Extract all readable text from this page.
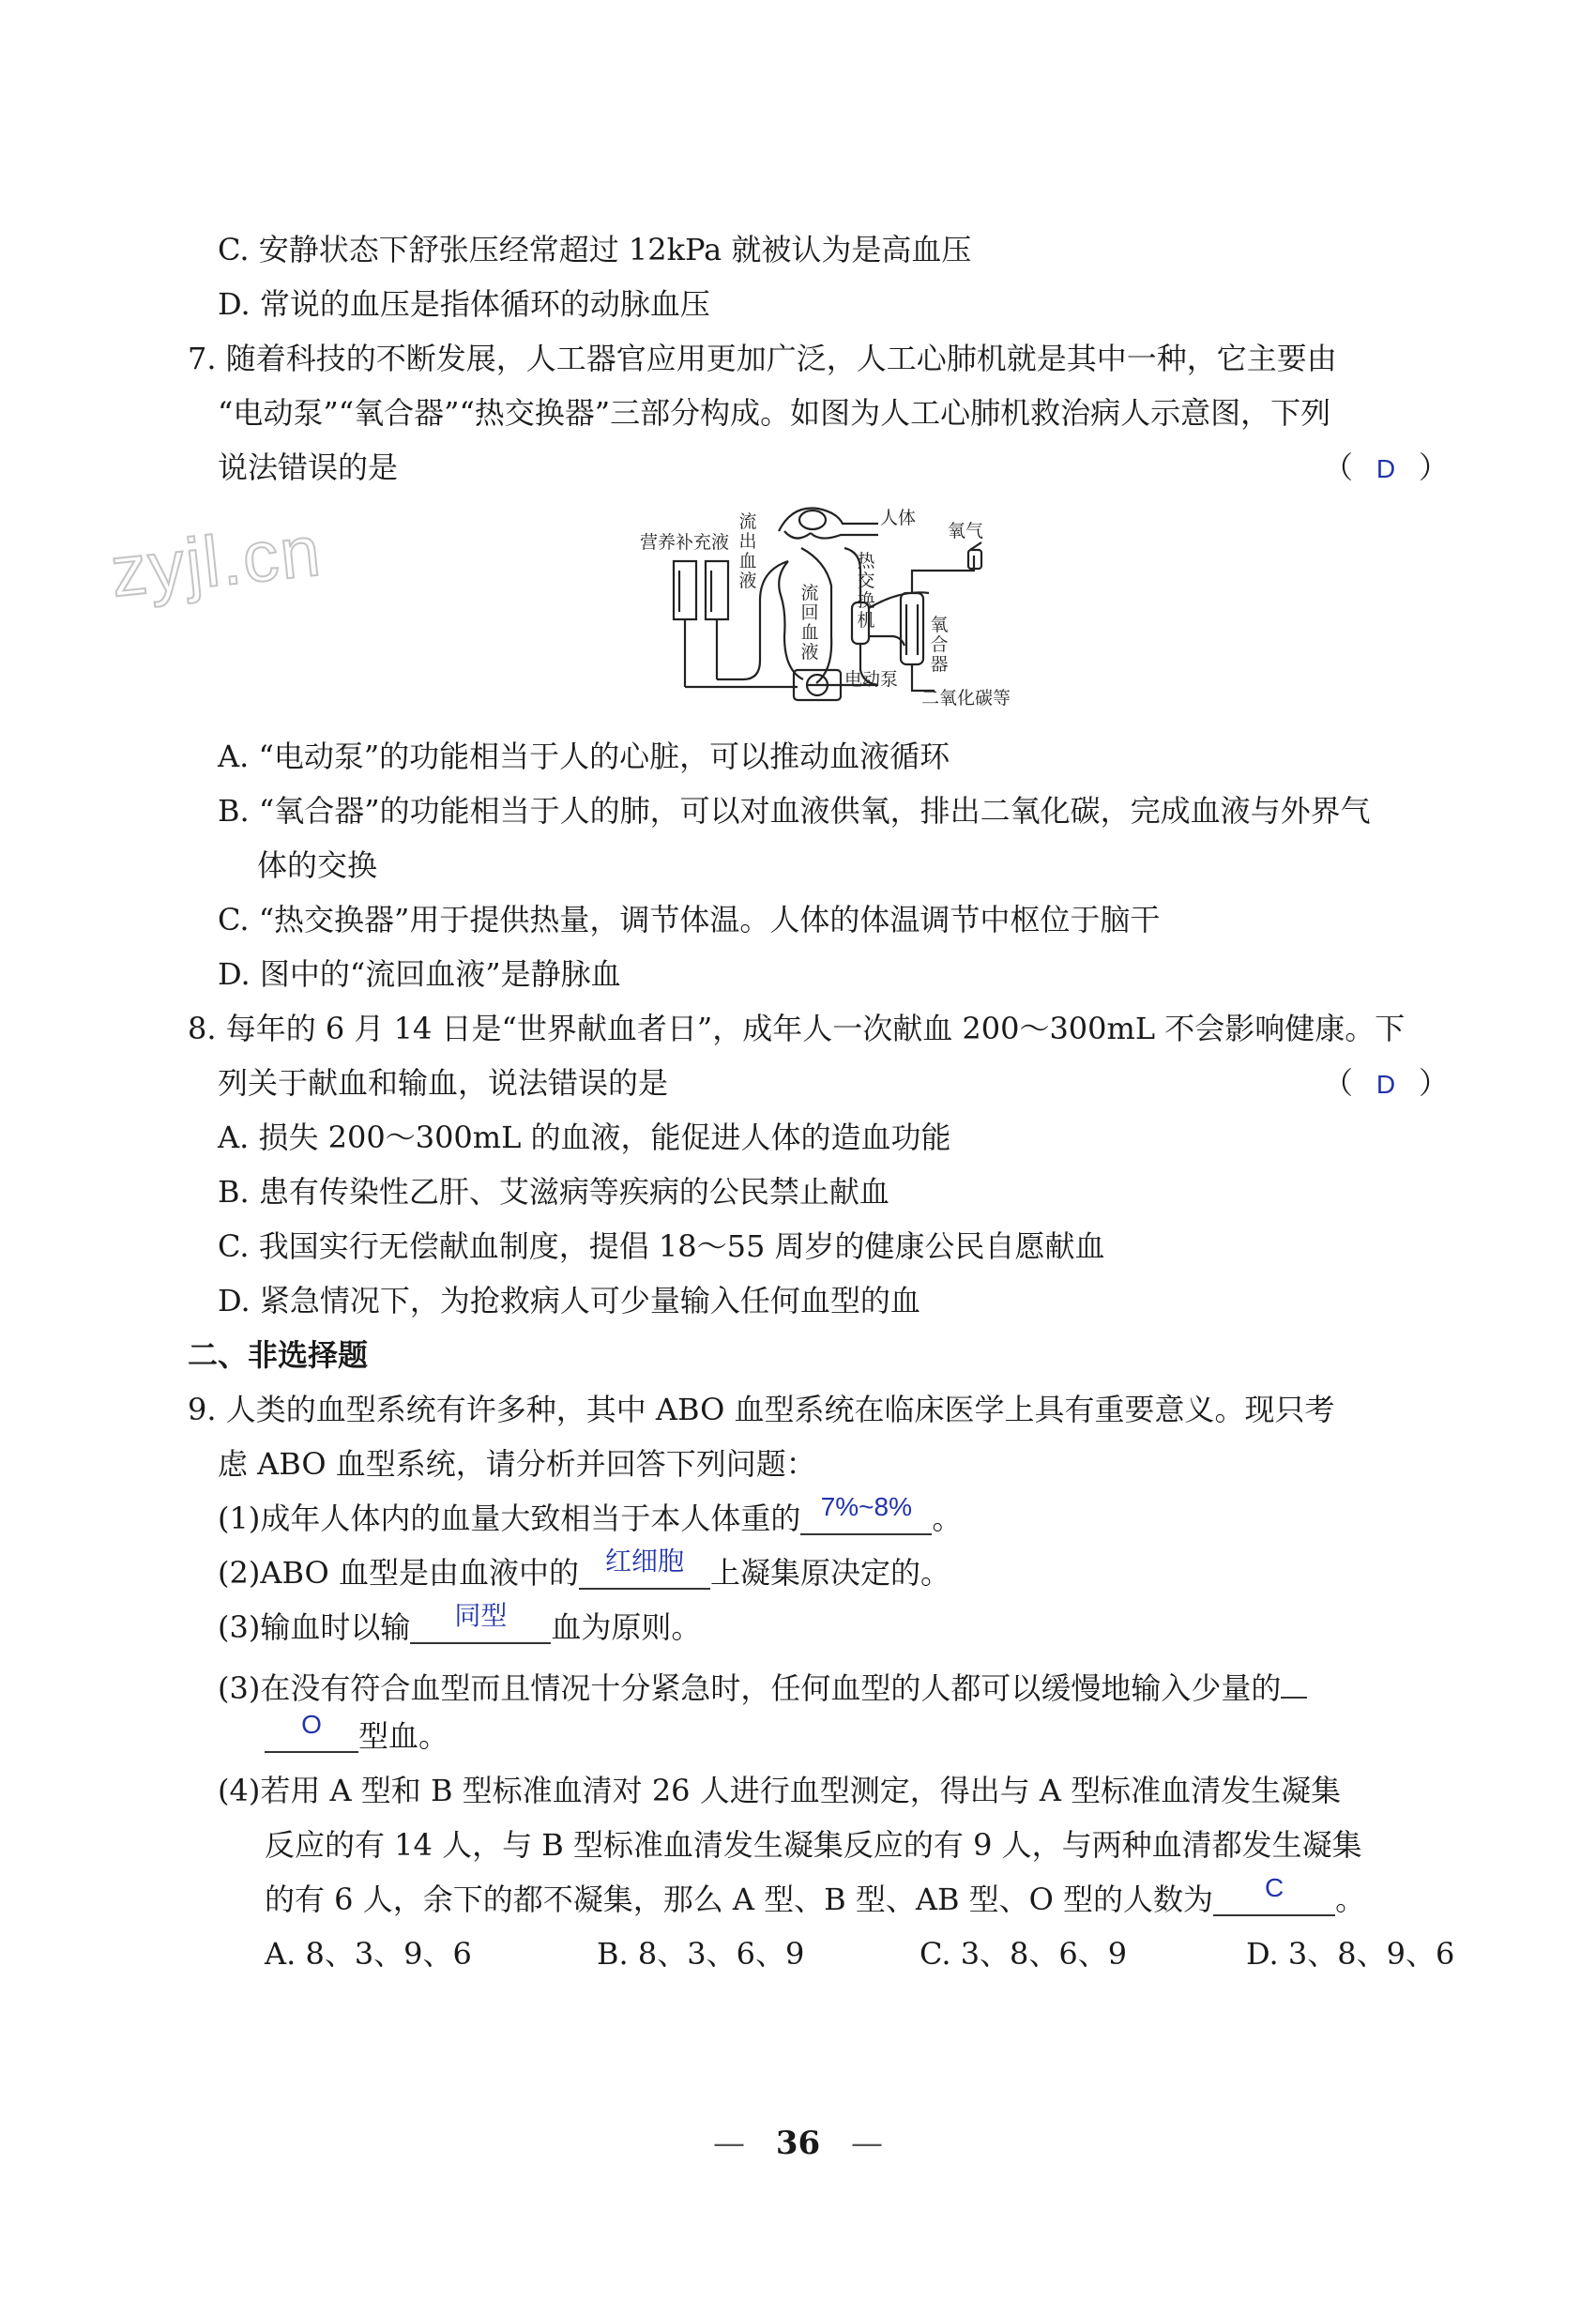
zyjl.cn
C. 安静状态下舒张压经常超过 12kPa 就被认为是高血压
D. 常说的血压是指体循环的动脉血压
7. 随着科技的不断发展，人工器官应用更加广泛，人工心肺机就是其中一种，它主要由
“电动泵”“氧合器”“热交换器”三部分构成。如图为人工心肺机救治病人示意图，下列
说法错误的是	（ D ）
营养补充液
流出血液
人体
热交换机
氧气
流回血液
氧合器
电动泵
二氧化碳等
A. “电动泵”的功能相当于人的心脏，可以推动血液循环
B. “氧合器”的功能相当于人的肺，可以对血液供氧，排出二氧化碳，完成血液与外界气
体的交换
C. “热交换器”用于提供热量，调节体温。人体的体温调节中枢位于脑干
D. 图中的“流回血液”是静脉血
8. 每年的 6 月 14 日是“世界献血者日”，成年人一次献血 200～300mL 不会影响健康。下
列关于献血和输血，说法错误的是	（ D ）
A. 损失 200～300mL 的血液，能促进人体的造血功能
B. 患有传染性乙肝、艾滋病等疾病的公民禁止献血
C. 我国实行无偿献血制度，提倡 18～55 周岁的健康公民自愿献血
D. 紧急情况下，为抢救病人可少量输入任何血型的血
二、非选择题
9. 人类的血型系统有许多种，其中 ABO 血型系统在临床医学上具有重要意义。现只考
虑 ABO 血型系统，请分析并回答下列问题：
(1)成年人体内的血量大致相当于本人体重的 7%~8% 。
(2)ABO 血型是由血液中的 红细胞 上凝集原决定的。
(3)输血时以输 同型 血为原则。
(3)在没有符合血型而且情况十分紧急时，任何血型的人都可以缓慢地输入少量的
O 型血。
(4)若用 A 型和 B 型标准血清对 26 人进行血型测定，得出与 A 型标准血清发生凝集
反应的有 14 人，与 B 型标准血清发生凝集反应的有 9 人，与两种血清都发生凝集
的有 6 人，余下的都不凝集，那么 A 型、B 型、AB 型、O 型的人数为 C 。
A. 8、3、9、6	B. 8、3、6、9	C. 3、8、6、9	D. 3、8、9、6
— 36 —
